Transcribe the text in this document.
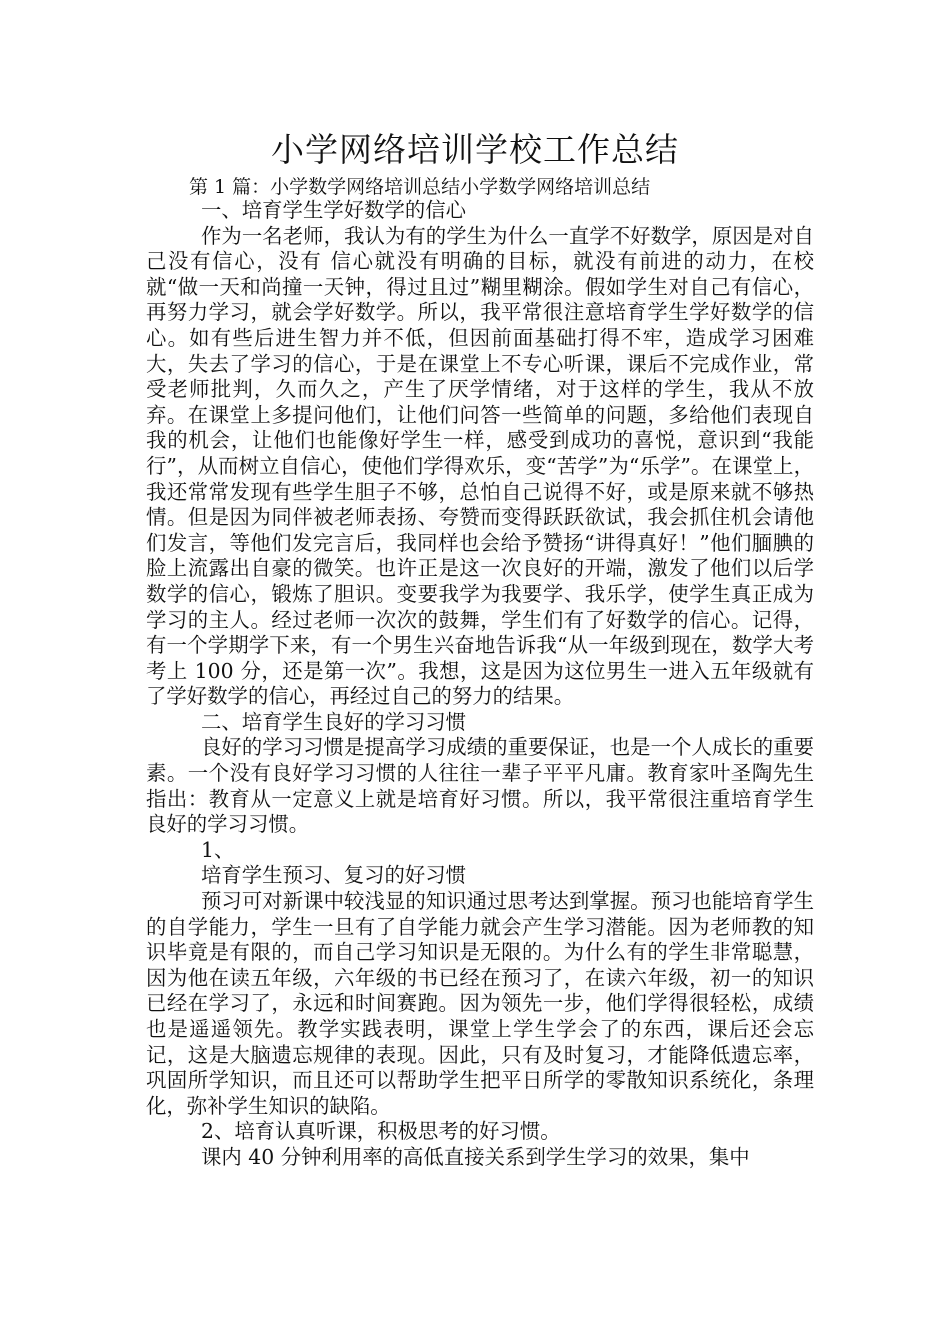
小学网络培训学校工作总结
第 1 篇：小学数学网络培训总结小学数学网络培训总结

一、培育学生学好数学的信心

作为一名老师，我认为有的学生为什么一直学不好数学，原因是对自己没有信心，没有 信心就没有明确的目标，就没有前进的动力，在校就“做一天和尚撞一天钟，得过且过”糊里糊涂。假如学生对自己有信心，再努力学习，就会学好数学。所以，我平常很注意培育学生学好数学的信心。如有些后进生智力并不低，但因前面基础打得不牢，造成学习困难大，失去了学习的信心，于是在课堂上不专心听课，课后不完成作业，常受老师批判，久而久之，产生了厌学情绪，对于这样的学生，我从不放弃。在课堂上多提问他们，让他们问答一些简单的问题，多给他们表现自我的机会，让他们也能像好学生一样，感受到成功的喜悦，意识到“我能行”，从而树立自信心，使他们学得欢乐，变“苦学”为“乐学”。在课堂上，我还常常发现有些学生胆子不够，总怕自己说得不好，或是原来就不够热情。但是因为同伴被老师表扬、夸赞而变得跃跃欲试，我会抓住机会请他们发言，等他们发完言后，我同样也会给予赞扬“讲得真好！”他们腼腆的脸上流露出自豪的微笑。也许正是这一次良好的开端，激发了他们以后学数学的信心，锻炼了胆识。变要我学为我要学、我乐学，使学生真正成为学习的主人。经过老师一次次的鼓舞，学生们有了好数学的信心。记得，有一个学期学下来，有一个男生兴奋地告诉我“从一年级到现在，数学大考考上 100 分，还是第一次”。我想，这是因为这位男生一进入五年级就有了学好数学的信心，再经过自己的努力的结果。

二、培育学生良好的学习习惯

良好的学习习惯是提高学习成绩的重要保证，也是一个人成长的重要素。一个没有良好学习习惯的人往往一辈子平平凡庸。教育家叶圣陶先生指出：教育从一定意义上就是培育好习惯。所以，我平常很注重培育学生良好的学习习惯。

1、

培育学生预习、复习的好习惯

预习可对新课中较浅显的知识通过思考达到掌握。预习也能培育学生的自学能力，学生一旦有了自学能力就会产生学习潜能。因为老师教的知识毕竟是有限的，而自己学习知识是无限的。为什么有的学生非常聪慧，因为他在读五年级，六年级的书已经在预习了，在读六年级，初一的知识已经在学习了，永远和时间赛跑。因为领先一步，他们学得很轻松，成绩也是遥遥领先。教学实践表明，课堂上学生学会了的东西，课后还会忘记，这是大脑遗忘规律的表现。因此，只有及时复习，才能降低遗忘率，巩固所学知识，而且还可以帮助学生把平日所学的零散知识系统化，条理化，弥补学生知识的缺陷。

2、培育认真听课，积极思考的好习惯。

课内 40 分钟利用率的高低直接关系到学生学习的效果，集中
